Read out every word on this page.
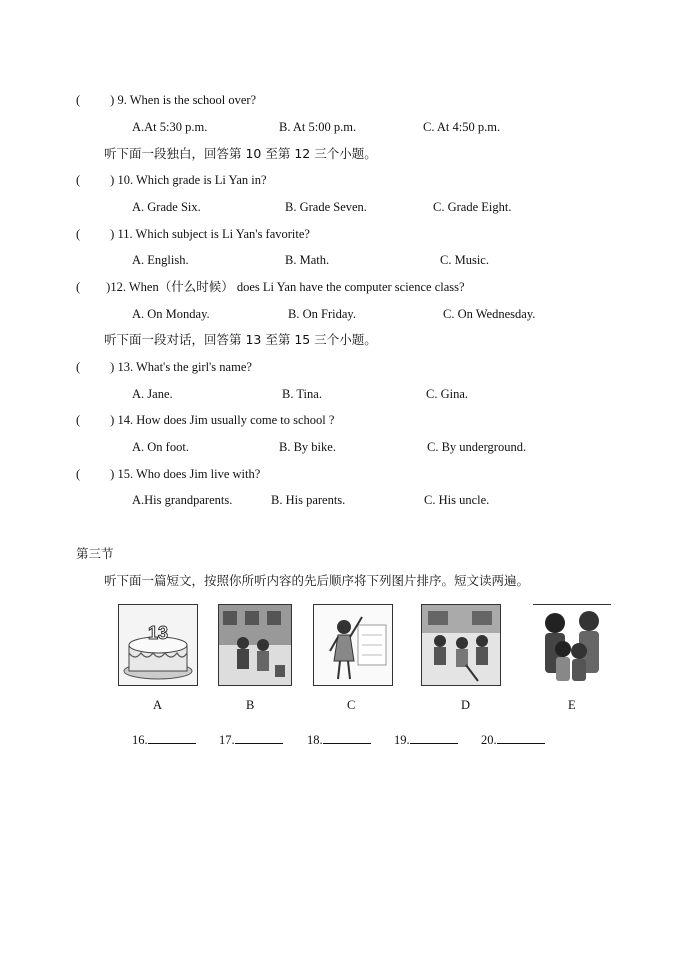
( ) 9. When is the school over?
A.At 5:30 p.m.	B. At 5:00 p.m.	C. At 4:50 p.m.
听下面一段独白，回答第 10 至第 12 三个小题。
( ) 10. Which grade is Li Yan in?
A. Grade Six.	B. Grade Seven.	C. Grade Eight.
( ) 11. Which subject is Li Yan's favorite?
A. English.	B. Math.	C. Music.
( )12. When（什么时候） does Li Yan have the computer science class?
A. On Monday.	B. On Friday.	C. On Wednesday.
听下面一段对话，回答第 13 至第 15 三个小题。
( ) 13. What's the girl's name?
A. Jane.	B. Tina.	C. Gina.
( ) 14. How does Jim usually come to school ?
A. On foot.	B. By bike.	C. By underground.
( ) 15. Who does Jim live with?
A.His grandparents.	B. His parents.	C. His uncle.
第三节
听下面一篇短文，按照你所听内容的先后顺序将下列图片排序。短文读两遍。
13
A	B	C	D	E
16.	17.	18.	19.	20.
